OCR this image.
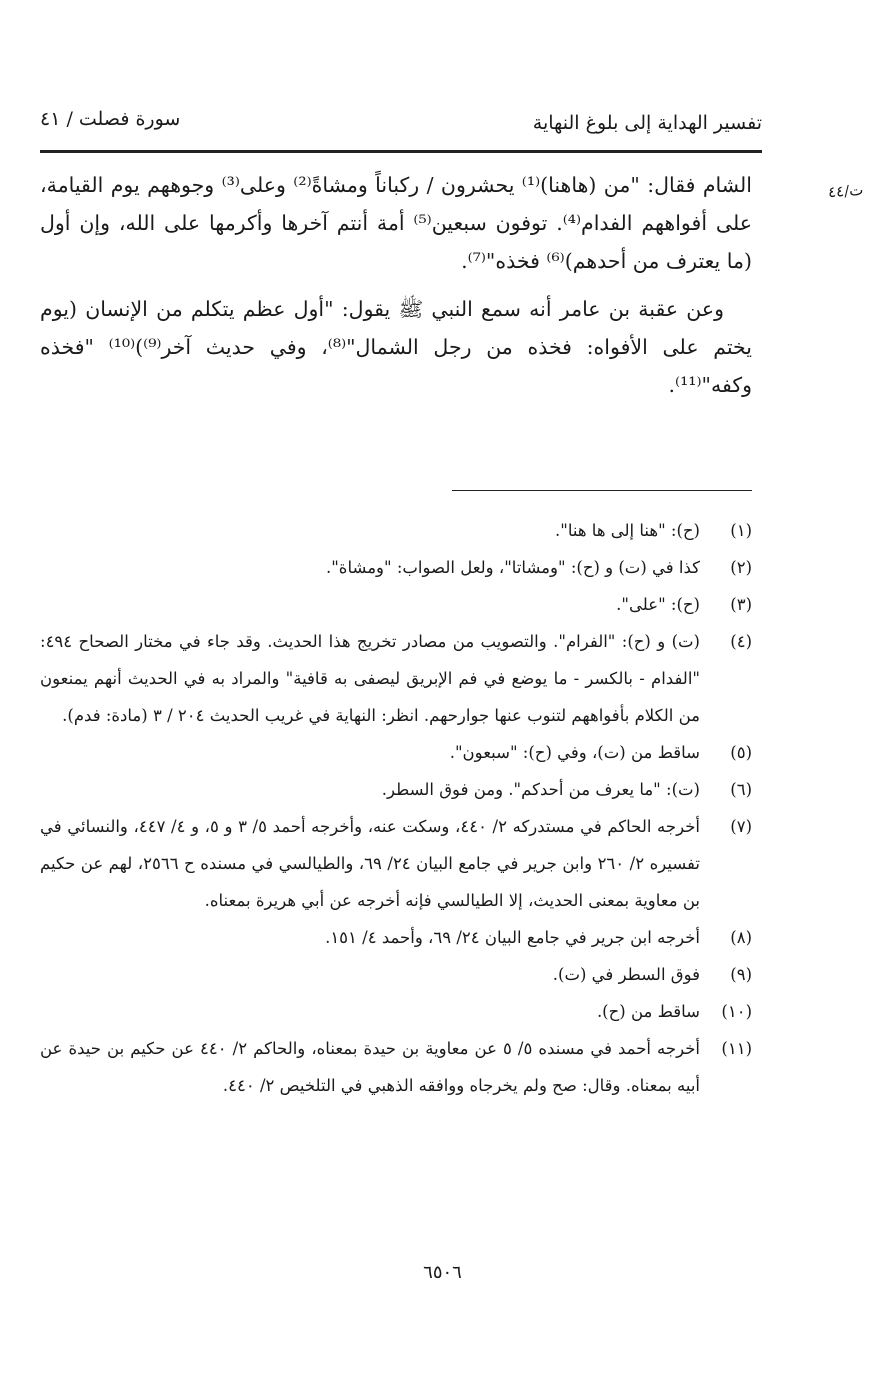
تفسير الهداية إلى بلوغ النهاية
سورة فصلت / ٤١
ت/٤٤

الشام فقال: "من (هاهنا)⁽¹⁾ يحشرون / ركباناً ومشاةً⁽²⁾ وعلى⁽³⁾ وجوههم يوم القيامة، على أفواههم الفدام⁽⁴⁾. توفون سبعين⁽⁵⁾ أمة أنتم آخرها وأكرمها على الله، وإن أول (ما يعترف من أحدهم)⁽⁶⁾ فخذه"⁽⁷⁾.

وعن عقبة بن عامر أنه سمع النبي ﷺ يقول: "أول عظم يتكلم من الإنسان (يوم يختم على الأفواه: فخذه من رجل الشمال"⁽⁸⁾، وفي حديث آخر⁽⁹⁾)⁽¹⁰⁾ "فخذه وكفه"⁽¹¹⁾.

(١)
(ح): "هنا إلى ها هنا".
(٢)
كذا في (ت) و (ح): "ومشاتا"، ولعل الصواب: "ومشاة".
(٣)
(ح): "على".
(٤)
(ت) و (ح): "الفرام". والتصويب من مصادر تخريج هذا الحديث. وقد جاء في مختار الصحاح ٤٩٤: "الفدام - بالكسر - ما يوضع في فم الإبريق ليصفى به قافية" والمراد به في الحديث أنهم يمنعون من الكلام بأفواههم لتنوب عنها جوارحهم. انظر: النهاية في غريب الحديث ٢٠٤ / ٣ (مادة: فدم).
(٥)
ساقط من (ت)، وفي (ح): "سبعون".
(٦)
(ت): "ما يعرف من أحدكم". ومن فوق السطر.
(٧)
أخرجه الحاكم في مستدركه ٢/ ٤٤٠، وسكت عنه، وأخرجه أحمد ٥/ ٣ و ٥، و ٤/ ٤٤٧، والنسائي في تفسيره ٢/ ٢٦٠ وابن جرير في جامع البيان ٢٤/ ٦٩، والطيالسي في مسنده ح ٢٥٦٦، لهم عن حكيم بن معاوية بمعنى الحديث، إلا الطيالسي فإنه أخرجه عن أبي هريرة بمعناه.
(٨)
أخرجه ابن جرير في جامع البيان ٢٤/ ٦٩، وأحمد ٤/ ١٥١.
(٩)
فوق السطر في (ت).
(١٠)
ساقط من (ح).
(١١)
أخرجه أحمد في مسنده ٥/ ٥ عن معاوية بن حيدة بمعناه، والحاكم ٢/ ٤٤٠ عن حكيم بن حيدة عن أبيه بمعناه. وقال: صح ولم يخرجاه ووافقه الذهبي في التلخيص ٢/ ٤٤٠.
٦٥٠٦
